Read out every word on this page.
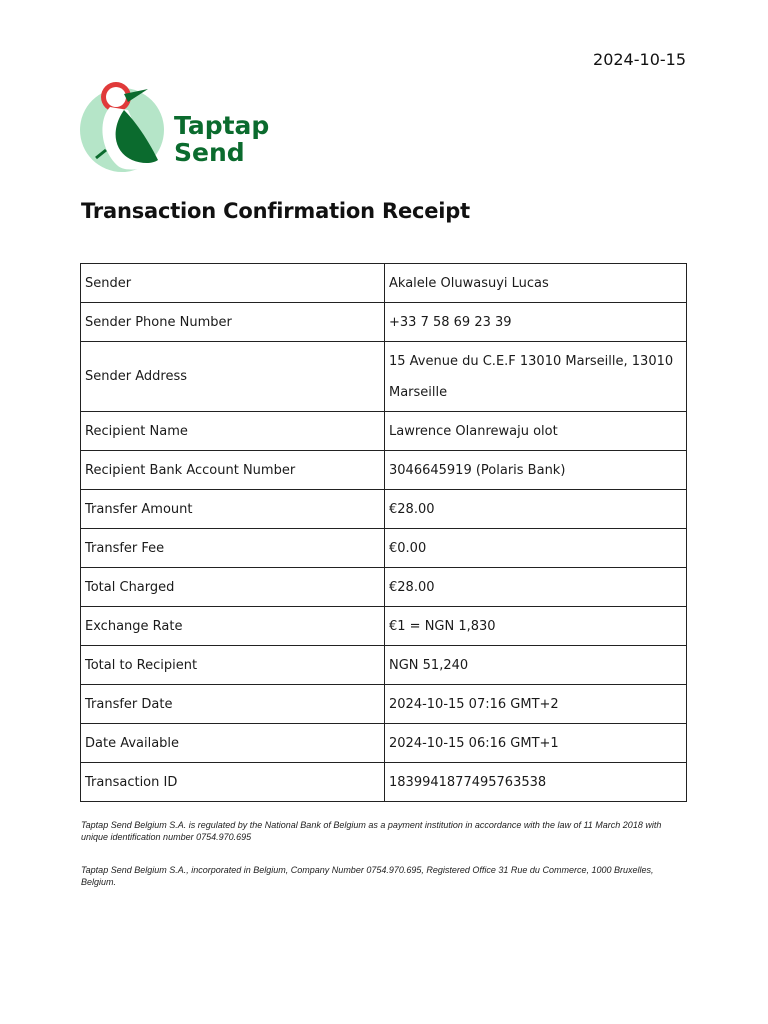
2024-10-15
Taptap
Send
Transaction Confirmation Receipt
Sender	Akalele Oluwasuyi Lucas
Sender Phone Number	+33 7 58 69 23 39
Sender Address	15 Avenue du C.E.F 13010 Marseille, 13010 Marseille
Recipient Name	Lawrence Olanrewaju olot
Recipient Bank Account Number	3046645919 (Polaris Bank)
Transfer Amount	€28.00
Transfer Fee	€0.00
Total Charged	€28.00
Exchange Rate	€1 = NGN 1,830
Total to Recipient	NGN 51,240
Transfer Date	2024-10-15 07:16 GMT+2
Date Available	2024-10-15 06:16 GMT+1
Transaction ID	1839941877495763538

Taptap Send Belgium S.A. is regulated by the National Bank of Belgium as a payment institution in accordance with the law of 11 March 2018 with unique identification number 0754.970.695

Taptap Send Belgium S.A., incorporated in Belgium, Company Number 0754.970.695, Registered Office 31 Rue du Commerce, 1000 Bruxelles, Belgium.
